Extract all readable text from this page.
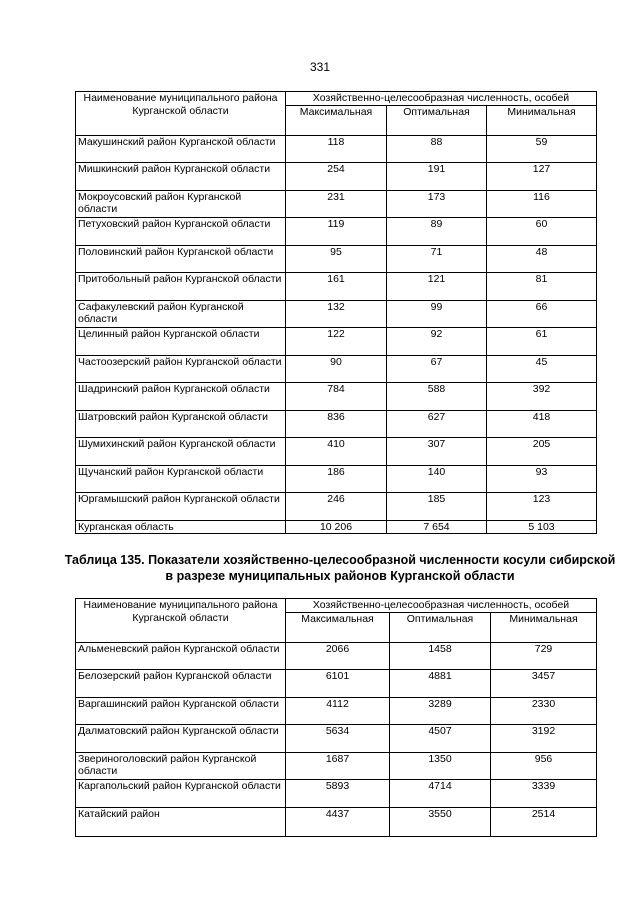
331
Наименование муниципального района Курганской области	Хозяйственно-целесообразная численность, особей		
	Максимальная	Оптимальная	Минимальная
Макушинский район Курганской области	118	88	59
Мишкинский район Курганской области	254	191	127
Мокроусовский район Курганской области	231	173	116
Петуховский район Курганской области	119	89	60
Половинский район Курганской области	95	71	48
Притобольный район Курганской области	161	121	81
Сафакулевский район Курганской области	132	99	66
Целинный район Курганской области	122	92	61
Частоозерский район Курганской области	90	67	45
Шадринский район Курганской области	784	588	392
Шатровский район Курганской области	836	627	418
Шумихинский район Курганской области	410	307	205
Щучанский район Курганской области	186	140	93
Юргамышский район Курганской области	246	185	123
Курганская область	10 206	7 654	5 103
Таблица 135. Показатели хозяйственно-целесообразной численности косули сибирской в разрезе муниципальных районов Курганской области
Наименование муниципального района Курганской области	Хозяйственно-целесообразная численность, особей		
	Максимальная	Оптимальная	Минимальная
Альменевский район Курганской области	2066	1458	729
Белозерский район Курганской области	6101	4881	3457
Варгашинский район Курганской области	4112	3289	2330
Далматовский район Курганской области	5634	4507	3192
Звериноголовский район Курганской области	1687	1350	956
Каргапольский район Курганской области	5893	4714	3339
Катайский район	4437	3550	2514
